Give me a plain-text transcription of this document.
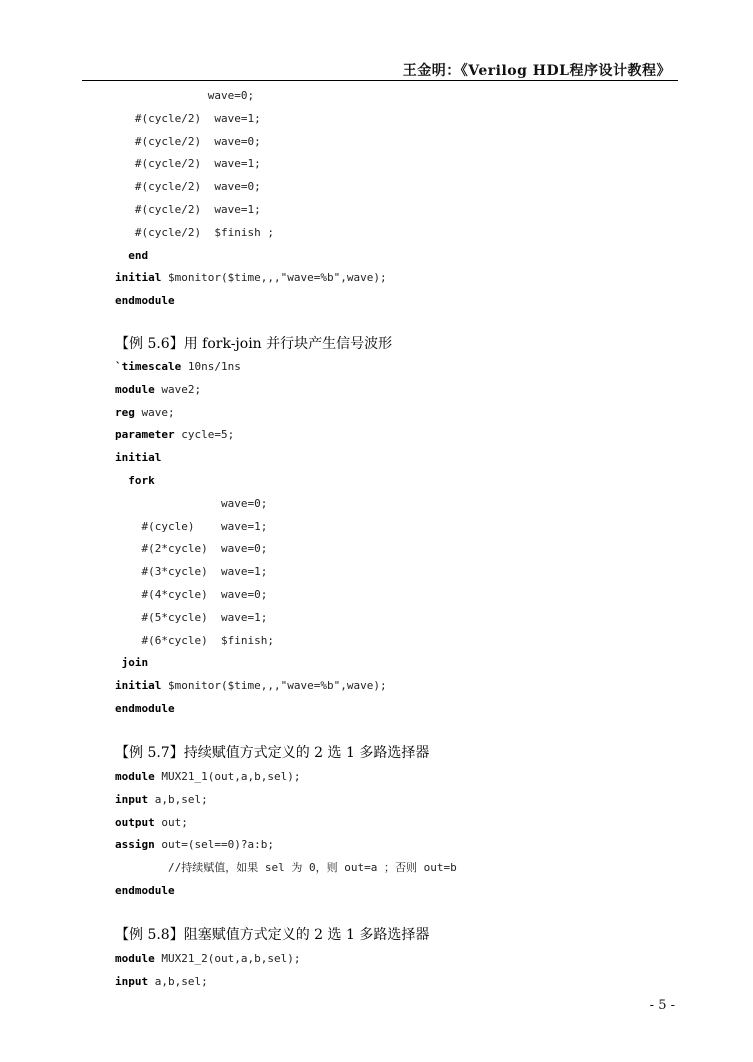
王金明：《Verilog HDL程序设计教程》

wave=0;

#(cycle/2)  wave=1;

#(cycle/2)  wave=0;

#(cycle/2)  wave=1;

#(cycle/2)  wave=0;

#(cycle/2)  wave=1;

#(cycle/2)  $finish ;

end

initial $monitor($time,,,"wave=%b",wave);

endmodule

【例 5.6】用 fork-join 并行块产生信号波形

`timescale 10ns/1ns

module wave2;

reg wave;

parameter cycle=5;

initial

fork

wave=0;

#(cycle)    wave=1;

#(2*cycle)  wave=0;

#(3*cycle)  wave=1;

#(4*cycle)  wave=0;

#(5*cycle)  wave=1;

#(6*cycle)  $finish;

join

initial $monitor($time,,,"wave=%b",wave);

endmodule

【例 5.7】持续赋值方式定义的 2 选 1 多路选择器

module MUX21_1(out,a,b,sel);

input a,b,sel;

output out;

assign out=(sel==0)?a:b;

//持续赋值，如果 sel 为 0，则 out=a ；否则 out=b

endmodule

【例 5.8】阻塞赋值方式定义的 2 选 1 多路选择器

module MUX21_2(out,a,b,sel);

input a,b,sel;

- 5 -
